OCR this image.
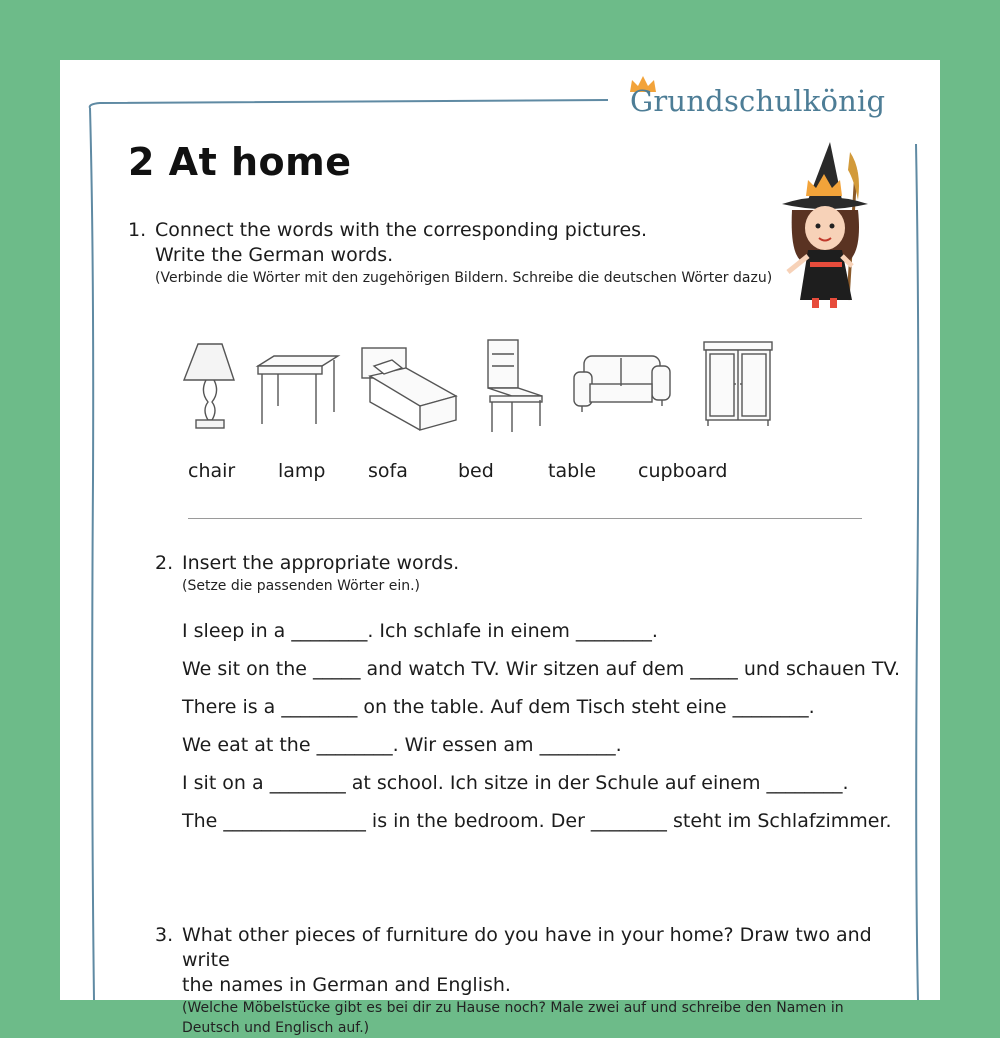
Grundschulkönig
2 At home
1. Connect the words with the corresponding pictures.
Write the German words.
(Verbinde die Wörter mit den zugehörigen Bildern. Schreibe die deutschen Wörter dazu)
chair lamp sofa	bed	table cupboard
2. Insert the appropriate words.
(Setze die passenden Wörter ein.)
I sleep in a ________. Ich schlafe in einem ________.
We sit on the _____ and watch TV. Wir sitzen auf dem _____ und schauen TV.
There is a ________ on the table. Auf dem Tisch steht eine ________.
We eat at the ________. Wir essen am ________.
I sit on a ________ at school. Ich sitze in der Schule auf einem ________.
The _______________ is in the bedroom. Der ________ steht im Schlafzimmer.
3. What other pieces of furniture do you have in your home? Draw two and write
the names in German and English.
(Welche Möbelstücke gibt es bei dir zu Hause noch? Male zwei auf und schreibe den Namen in
Deutsch und Englisch auf.)
